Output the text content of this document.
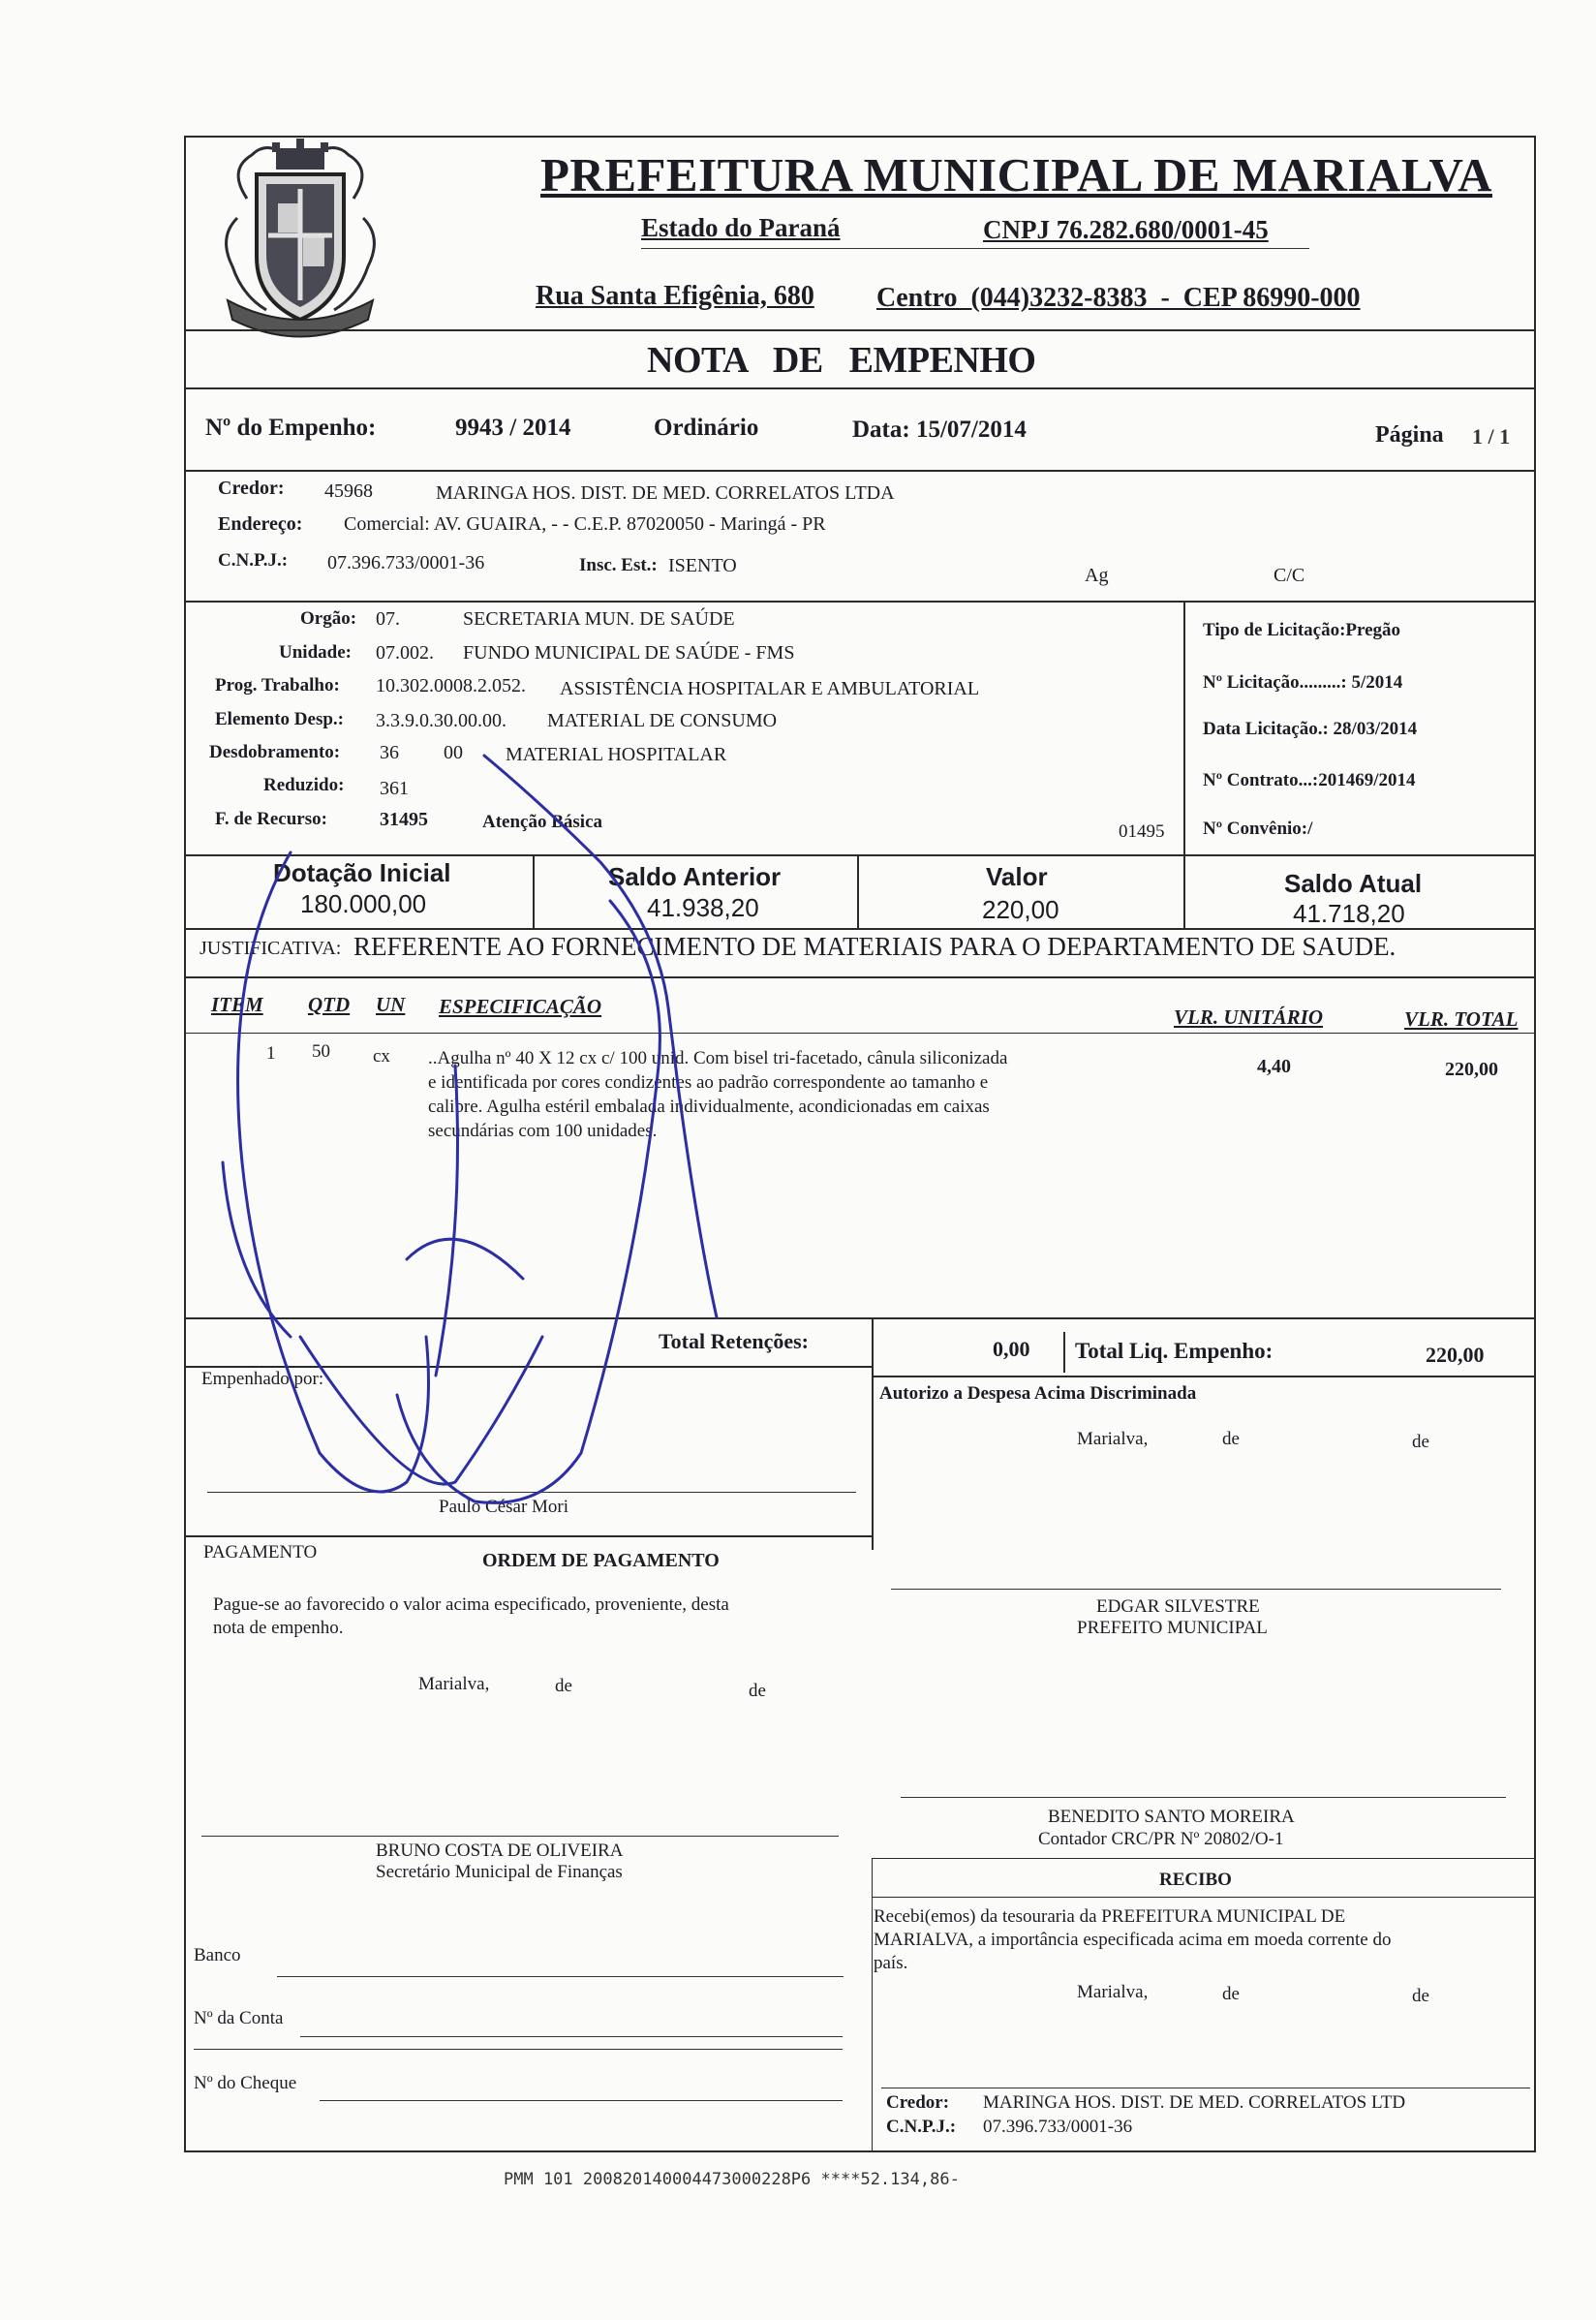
PREFEITURA MUNICIPAL DE MARIALVA
Estado do Paraná	CNPJ 76.282.680/0001-45
Rua Santa Efigênia, 680 Centro  (044)3232-8383  -  CEP 86990-000
NOTA   DE   EMPENHO
Nº do Empenho:	9943 / 2014	Ordinário	Data: 15/07/2014	Página 1 / 1
Credor: 45968	MARINGA HOS. DIST. DE MED. CORRELATOS LTDA
Endereço: Comercial: AV. GUAIRA, - - C.E.P. 87020050 - Maringá - PR
C.N.P.J.: 07.396.733/0001-36	Insc. Est.: ISENTO	Ag	C/C
Orgão: 07.	SECRETARIA MUN. DE SAÚDE
Unidade: 07.002. FUNDO MUNICIPAL DE SAÚDE - FMS
Prog. Trabalho: 10.302.0008.2.052. ASSISTÊNCIA HOSPITALAR E AMBULATORIAL
Elemento Desp.: 3.3.9.0.30.00.00. MATERIAL DE CONSUMO
Desdobramento: 36 00 MATERIAL HOSPITALAR
Reduzido: 361
F. de Recurso:	31495	Atenção Básica	01495
Tipo de Licitação:Pregão
Nº Licitação.........: 5/2014
Data Licitação.: 28/03/2014
Nº Contrato...:201469/2014
Nº Convênio:/
Dotação Inicial
180.000,00
Saldo Anterior
41.938,20
Valor
220,00
Saldo Atual
41.718,20
JUSTIFICATIVA: REFERENTE AO FORNECIMENTO DE MATERIAIS PARA O DEPARTAMENTO DE SAUDE.
ITEM QTD UN ESPECIFICAÇÃO	VLR. UNITÁRIO	VLR. TOTAL
1 50 cx ..Agulha nº 40 X 12 cx c/ 100 unid. Com bisel tri-facetado, cânula siliconizada
e identificada por cores condizentes ao padrão correspondente ao tamanho e
calibre. Agulha estéril embalada individualmente, acondicionadas em caixas
secundárias com 100 unidades.
4,40	220,00
Total Retenções:	0,00 Total Liq. Empenho:	220,00
Empenhado por:
Autorizo a Despesa Acima Discriminada
Marialva,	de	de
Paulo César Mori
PAGAMENTO	ORDEM DE PAGAMENTO
Pague-se ao favorecido o valor acima especificado, proveniente, desta
nota de empenho.
Marialva,	de	de
EDGAR SILVESTRE
PREFEITO MUNICIPAL
BENEDITO SANTO MOREIRA
Contador CRC/PR Nº 20802/O-1
BRUNO COSTA DE OLIVEIRA
Secretário Municipal de Finanças	RECIBO
Recebi(emos) da tesouraria da PREFEITURA MUNICIPAL DE
MARIALVA, a importância especificada acima em moeda corrente do
país.
Marialva,	de	de
Banco
Nº da Conta
Nº do Cheque
Credor: MARINGA HOS. DIST. DE MED. CORRELATOS LTD
C.N.P.J.: 07.396.733/0001-36
PMM 101 200820140004473000228P6 ****52.134,86-
